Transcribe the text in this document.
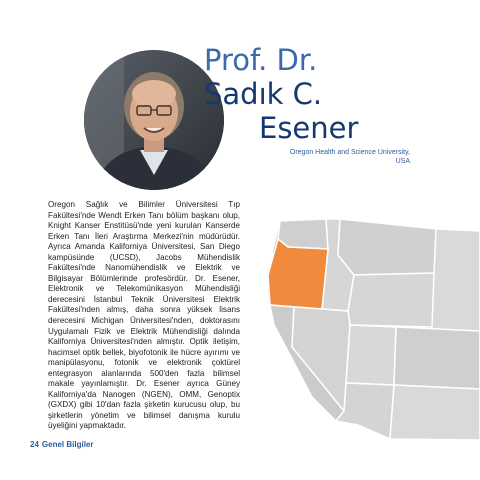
Prof. Dr.
Sadık C.
Esener
Oregon Health and Science University, USA
Oregon Sağlık ve Bilimler Üniversitesi Tıp Fakültesi'nde Wendt Erken Tanı bölüm başkanı olup, Knight Kanser Enstitüsü'nde yeni kurulan Kanserde Erken Tanı İleri Araştırma Merkezi'nin müdürüdür. Ayrıca Amanda Kaliforniya Üniversitesi, San Diego kampüsünde (UCSD), Jacobs Mühendislik Fakültesi'nde Nanomühendislik ve Elektrik ve Bilgisayar Bölümlerinde profesördür. Dr. Esener, Elektronik ve Telekomünikasyon Mühendisliği derecesini İstanbul Teknik Üniversitesi Elektrik Fakültesi'nden almış, daha sonra yüksek lisans derecesini Michigan Üniversitesi'nden, doktorasını Uygulamalı Fizik ve Elektrik Mühendisliği dalında Kaliforniya Üniversitesi'nden almıştır. Optik iletişim, hacimsel optik bellek, biyofotonik ile hücre ayırımı ve manipülasyonu, fotonik ve elektronik çoktürel entegrasyon alanlarında 500'den fazla bilimsel makale yayınlamıştır. Dr. Esener ayrıca Güney Kaliforniya'da Nanogen (NGEN), OMM, Genoptix (GXDX) gibi 10'dan fazla şirketin kurucusu olup, bu şirketlerin yönetim ve bilimsel danışma kurulu üyeliğini yapmaktadır.
24 Genel Bilgiler
